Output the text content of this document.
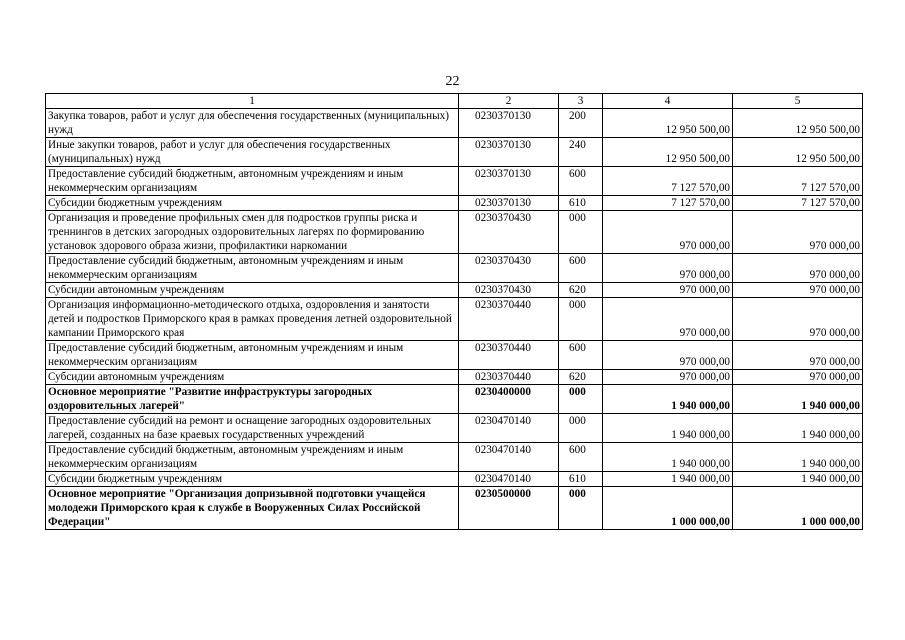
22
1	2	3	4	5
Закупка товаров, работ и услуг для обеспечения государственных (муниципальных) нужд	0230370130	200	12 950 500,00	12 950 500,00
Иные закупки товаров, работ и услуг для обеспечения государственных (муниципальных) нужд	0230370130	240	12 950 500,00	12 950 500,00
Предоставление субсидий бюджетным, автономным учреждениям и иным некоммерческим организациям	0230370130	600	7 127 570,00	7 127 570,00
Субсидии бюджетным учреждениям	0230370130	610	7 127 570,00	7 127 570,00
Организация и проведение профильных смен для подростков группы риска и треннингов в детских загородных оздоровительных лагерях по формированию установок здорового образа жизни, профилактики наркомании	0230370430	000	970 000,00	970 000,00
Предоставление субсидий бюджетным, автономным учреждениям и иным некоммерческим организациям	0230370430	600	970 000,00	970 000,00
Субсидии автономным учреждениям	0230370430	620	970 000,00	970 000,00
Организация информационно-методического отдыха, оздоровления и занятости детей и подростков Приморского края в рамках проведения летней оздоровительной кампании Приморского края	0230370440	000	970 000,00	970 000,00
Предоставление субсидий бюджетным, автономным учреждениям и иным некоммерческим организациям	0230370440	600	970 000,00	970 000,00
Субсидии автономным учреждениям	0230370440	620	970 000,00	970 000,00
Основное мероприятие "Развитие инфраструктуры загородных оздоровительных лагерей"	0230400000	000	1 940 000,00	1 940 000,00
Предоставление субсидий на ремонт и оснащение загородных оздоровительных лагерей, созданных на базе краевых государственных учреждений	0230470140	000	1 940 000,00	1 940 000,00
Предоставление субсидий бюджетным, автономным учреждениям и иным некоммерческим организациям	0230470140	600	1 940 000,00	1 940 000,00
Субсидии бюджетным учреждениям	0230470140	610	1 940 000,00	1 940 000,00
Основное мероприятие "Организация допризывной подготовки учащейся молодежи Приморского края к службе в Вооруженных Силах Российской Федерации"	0230500000	000	1 000 000,00	1 000 000,00
